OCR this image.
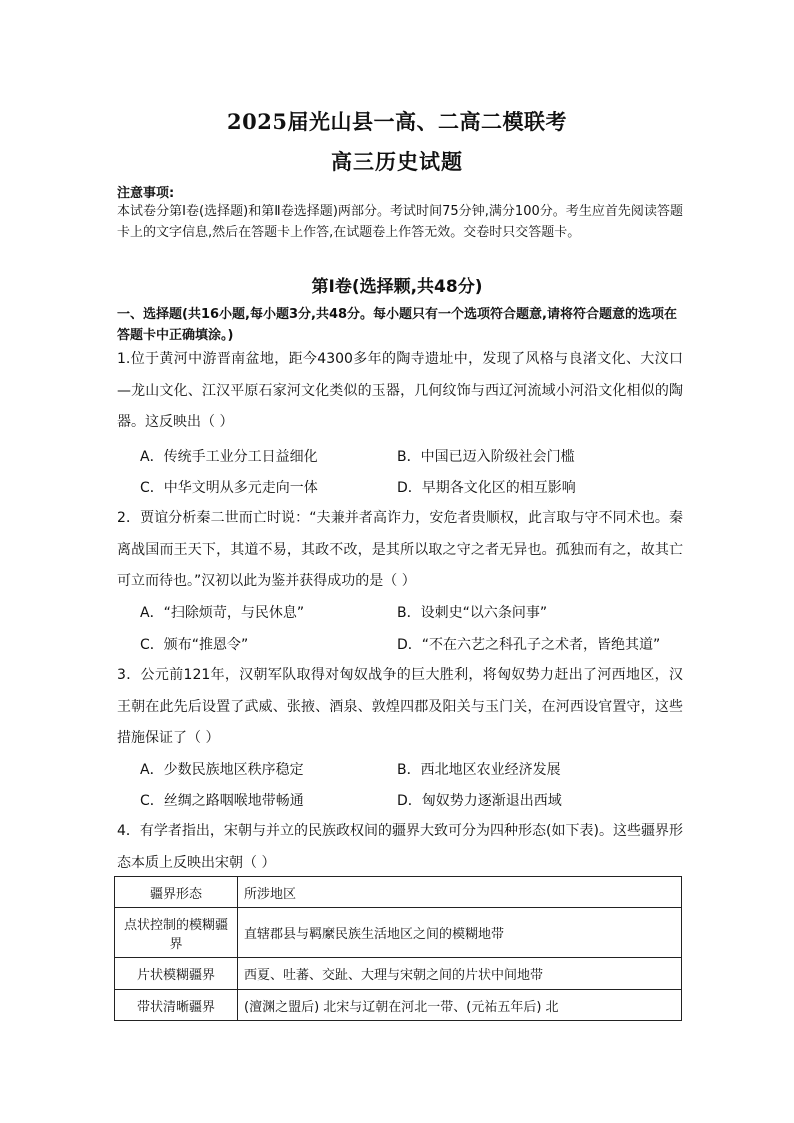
2025届光山县一高、二高二模联考
高三历史试题
注意事项:
本试卷分第Ⅰ卷(选择题)和第Ⅱ卷选择题)两部分。考试时间75分钟,满分100分。考生应首先阅读答题卡上的文字信息,然后在答题卡上作答,在试题卷上作答无效。交卷时只交答题卡。
第Ⅰ卷(选择颗,共48分)
一、选择题(共16小题,每小题3分,共48分。每小题只有一个选项符合题意,请将符合题意的选项在答题卡中正确填涂。)
1.位于黄河中游晋南盆地，距今4300多年的陶寺遗址中，发现了风格与良渚文化、大汶口—龙山文化、江汉平原石家河文化类似的玉器，几何纹饰与西辽河流域小河沿文化相似的陶器。这反映出（ ）
A．传统手工业分工日益细化	B．中国已迈入阶级社会门槛
C．中华文明从多元走向一体	D．早期各文化区的相互影响
2．贾谊分析秦二世而亡时说：“夫兼并者高诈力，安危者贵顺权，此言取与守不同术也。秦离战国而王天下，其道不易，其政不改，是其所以取之守之者无异也。孤独而有之，故其亡可立而待也。”汉初以此为鉴并获得成功的是（ ）
A．“扫除烦苛，与民休息”	B．设刺史“以六条问事”
C．颁布“推恩令”	D．“不在六艺之科孔子之术者，皆绝其道”
3．公元前121年，汉朝军队取得对匈奴战争的巨大胜利，将匈奴势力赶出了河西地区，汉王朝在此先后设置了武威、张掖、酒泉、敦煌四郡及阳关与玉门关，在河西设官置守，这些措施保证了（ ）
A．少数民族地区秩序稳定	B．西北地区农业经济发展
C．丝绸之路咽喉地带畅通	D．匈奴势力逐渐退出西域
4．有学者指出，宋朝与并立的民族政权间的疆界大致可分为四种形态(如下表)。这些疆界形态本质上反映出宋朝（ ）
疆界形态	所涉地区
点状控制的模糊疆界	直辖郡县与羁縻民族生活地区之间的模糊地带
片状模糊疆界	西夏、吐蕃、交趾、大理与宋朝之间的片状中间地带
带状清晰疆界	(澶渊之盟后) 北宋与辽朝在河北一带、(元祐五年后) 北
